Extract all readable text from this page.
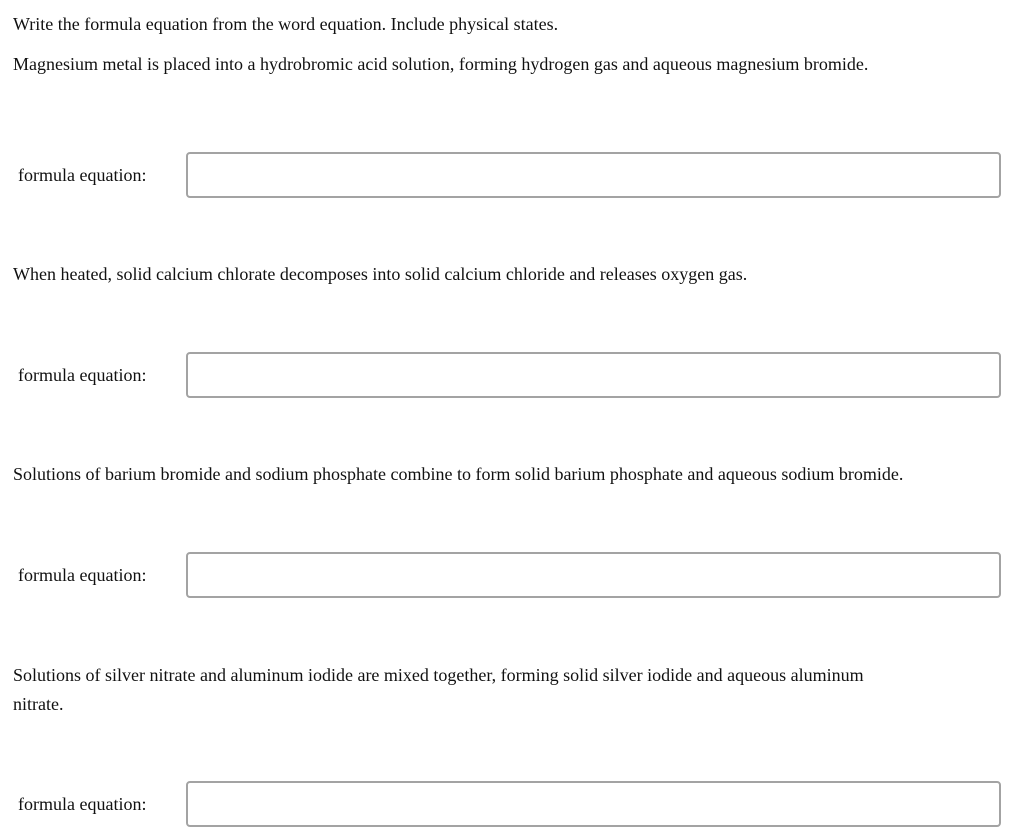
Write the formula equation from the word equation. Include physical states.

Magnesium metal is placed into a hydrobromic acid solution, forming hydrogen gas and aqueous magnesium bromide.

formula equation:

When heated, solid calcium chlorate decomposes into solid calcium chloride and releases oxygen gas.

formula equation:

Solutions of barium bromide and sodium phosphate combine to form solid barium phosphate and aqueous sodium bromide.

formula equation:

Solutions of silver nitrate and aluminum iodide are mixed together, forming solid silver iodide and aqueous aluminum nitrate.

formula equation:
